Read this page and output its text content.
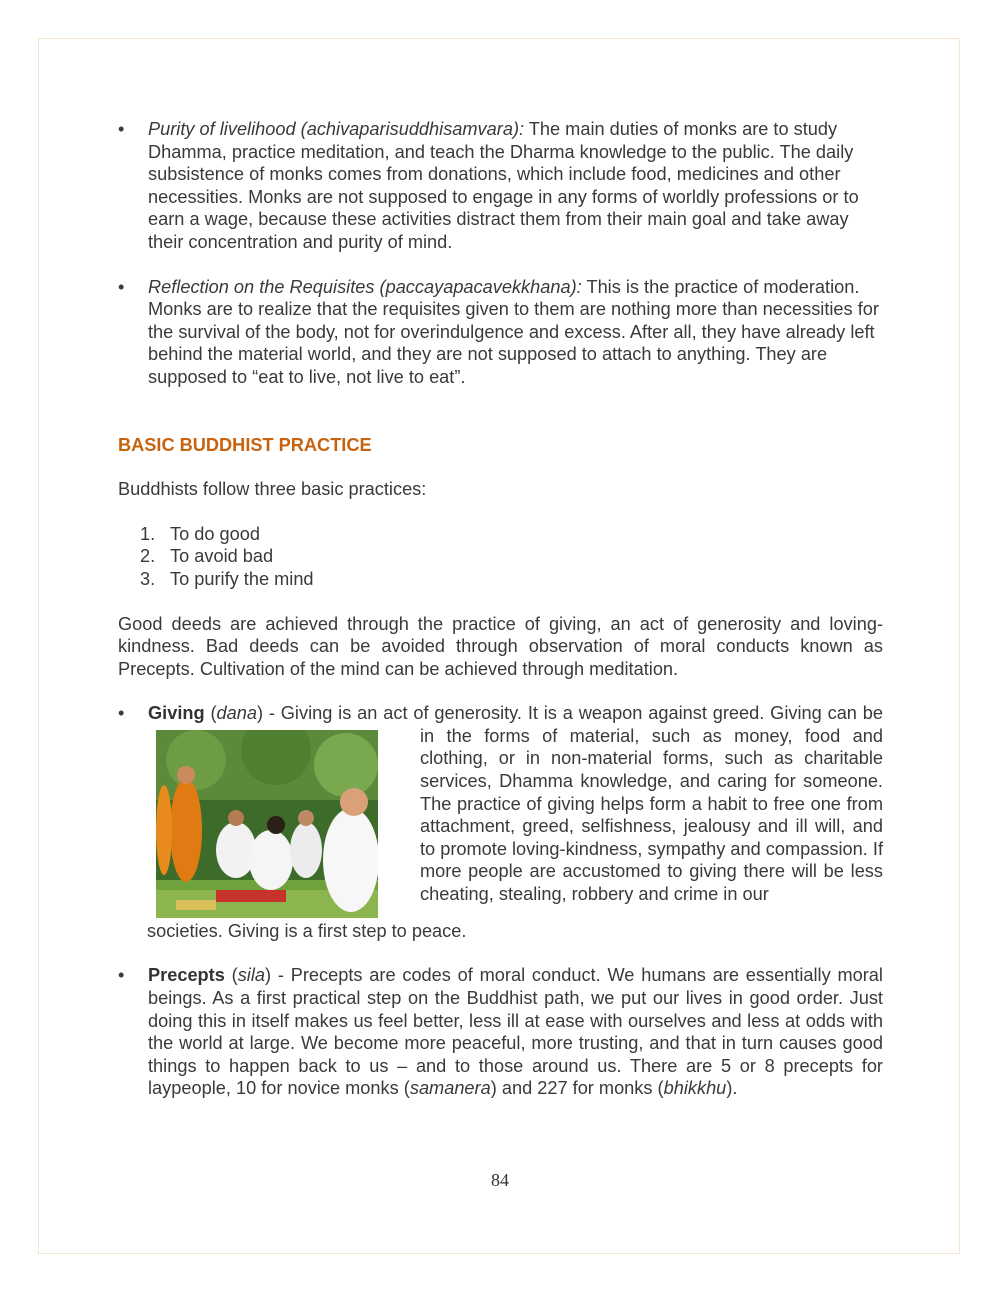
• Purity of livelihood (achivaparisuddhisamvara): The main duties of monks are to study Dhamma, practice meditation, and teach the Dharma knowledge to the public. The daily subsistence of monks comes from donations, which include food, medicines and other necessities. Monks are not supposed to engage in any forms of worldly professions or to earn a wage, because these activities distract them from their main goal and take away their concentration and purity of mind.
• Reflection on the Requisites (paccayapacavekkhana): This is the practice of moderation. Monks are to realize that the requisites given to them are nothing more than necessities for the survival of the body, not for overindulgence and excess. After all, they have already left behind the material world, and they are not supposed to attach to anything. They are supposed to “eat to live, not live to eat”.
BASIC BUDDHIST PRACTICE
Buddhists follow three basic practices:
1. To do good
2. To avoid bad
3. To purify the mind
Good deeds are achieved through the practice of giving, an act of generosity and loving-kindness. Bad deeds can be avoided through observation of moral conducts known as Precepts. Cultivation of the mind can be achieved through meditation.
• Giving (dana) - Giving is an act of generosity. It is a weapon against greed. Giving can be in the forms of material, such as money, food and clothing, or in non-material forms, such as charitable services, Dhamma knowledge, and caring for someone. The practice of giving helps form a habit to free one from attachment, greed, selfishness, jealousy and ill will, and to promote loving-kindness, sympathy and compassion. If more people are accustomed to giving there will be less cheating, stealing, robbery and crime in our
societies. Giving is a first step to peace.
• Precepts (sila) - Precepts are codes of moral conduct. We humans are essentially moral beings. As a first practical step on the Buddhist path, we put our lives in good order. Just doing this in itself makes us feel better, less ill at ease with ourselves and less at odds with the world at large. We become more peaceful, more trusting, and that in turn causes good things to happen back to us – and to those around us. There are 5 or 8 precepts for laypeople, 10 for novice monks (samanera) and 227 for monks (bhikkhu).
84
